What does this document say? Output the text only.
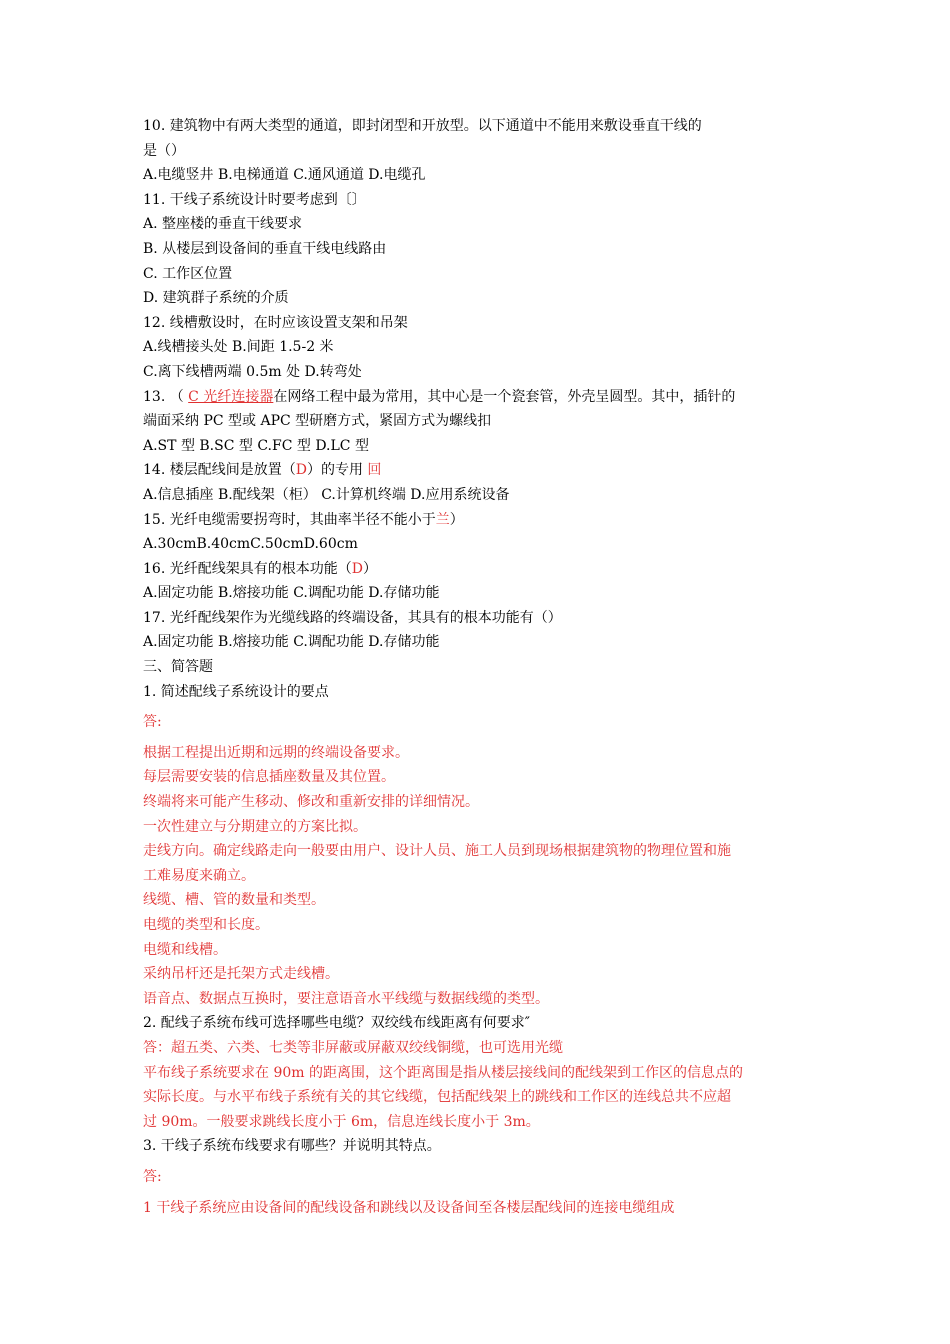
10. 建筑物中有两大类型的通道，即封闭型和开放型。以下通道中不能用来敷设垂直干线的
是（）
A.电缆竖井 B.电梯通道 C.通风通道 D.电缆孔
11. 干线子系统设计时要考虑到〔〕
A. 整座楼的垂直干线要求
B. 从楼层到设备间的垂直干线电线路由
C. 工作区位置
D. 建筑群子系统的介质
12. 线槽敷设时，在时应该设置支架和吊架
A.线槽接头处 B.间距 1.5-2 米
C.离下线槽两端 0.5m 处 D.转弯处
13. （ C 光纤连接器在网络工程中最为常用，其中心是一个瓷套管，外壳呈圆型。其中，插针的
端面采纳 PC 型或 APC 型研磨方式，紧固方式为螺线扣
A.ST 型 B.SC 型 C.FC 型 D.LC 型
14. 楼层配线间是放置（D）的专用 回
A.信息插座 B.配线架（柜） C.计算机终端 D.应用系统设备
15. 光纤电缆需要拐弯时，其曲率半径不能小于兰）
A.30cmB.40cmC.50cmD.60cm
16. 光纤配线架具有的根本功能（D）
A.固定功能 B.熔接功能 C.调配功能 D.存储功能
17. 光纤配线架作为光缆线路的终端设备，其具有的根本功能有（）
A.固定功能 B.熔接功能 C.调配功能 D.存储功能
三、简答题
1. 简述配线子系统设计的要点
答:
根据工程提出近期和远期的终端设备要求。
每层需要安装的信息插座数量及其位置。
终端将来可能产生移动、修改和重新安排的详细情况。
一次性建立与分期建立的方案比拟。
走线方向。确定线路走向一般要由用户、设计人员、施工人员到现场根据建筑物的物理位置和施
工难易度来确立。
线缆、槽、管的数量和类型。
电缆的类型和长度。
电缆和线槽。
采纳吊杆还是托架方式走线槽。
语音点、数据点互换时，要注意语音水平线缆与数据线缆的类型。
2. 配线子系统布线可选择哪些电缆？双绞线布线距离有何要求″
答：超五类、六类、七类等非屏蔽或屏蔽双绞线铜缆，也可选用光缆
平布线子系统要求在 90m 的距离围，这个距离围是指从楼层接线间的配线架到工作区的信息点的
实际长度。与水平布线子系统有关的其它线缆，包括配线架上的跳线和工作区的连线总共不应超
过 90m。一般要求跳线长度小于 6m，信息连线长度小于 3m。
3. 干线子系统布线要求有哪些？并说明其特点。
答:
1 干线子系统应由设备间的配线设备和跳线以及设备间至各楼层配线间的连接电缆组成
